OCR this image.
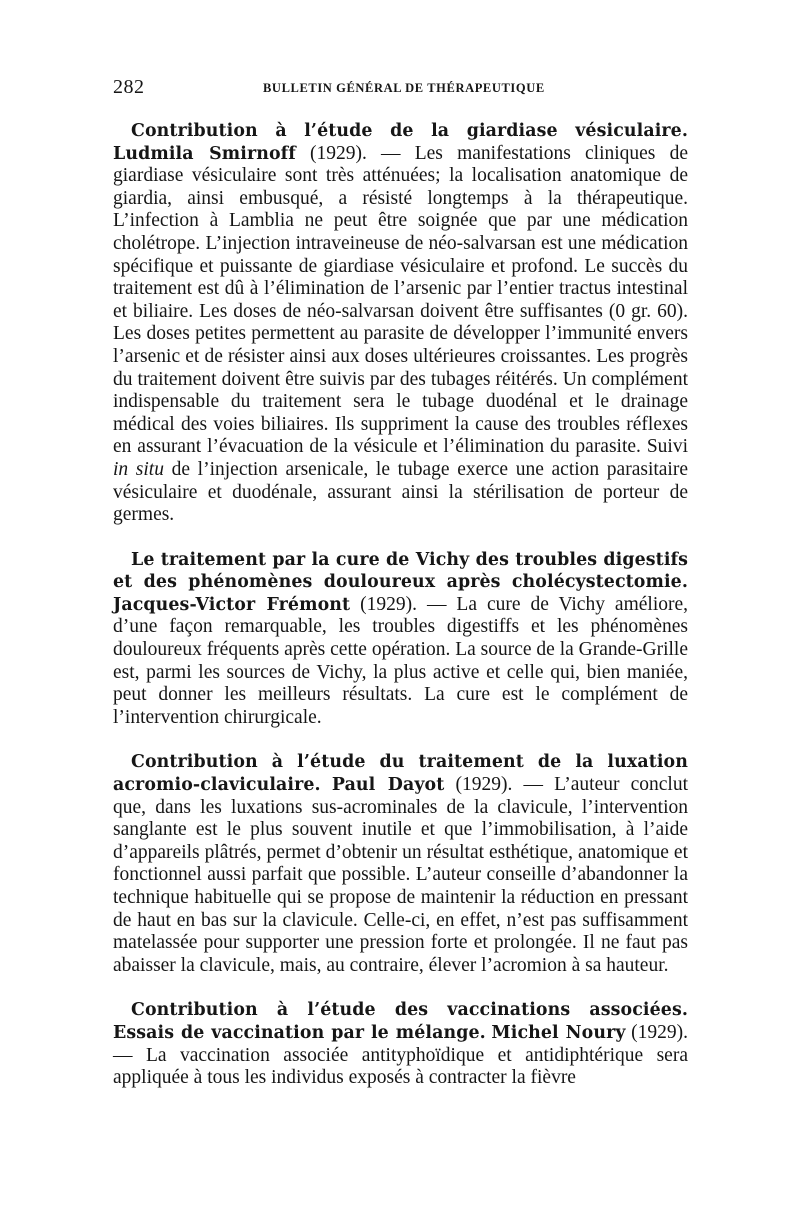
282	BULLETIN GÉNÉRAL DE THÉRAPEUTIQUE

Contribution à l’étude de la giardiase vésiculaire. Ludmila Smirnoff (1929). — Les manifestations cliniques de giardiase vésiculaire sont très atténuées; la localisation anatomique de giardia, ainsi embusqué, a résisté longtemps à la thérapeutique. L’infection à Lamblia ne peut être soignée que par une médication cholétrope. L’injection intraveineuse de néo-salvarsan est une médication spécifique et puissante de giardiase vésiculaire et profond. Le succès du traitement est dû à l’élimination de l’arsenic par l’entier tractus intestinal et biliaire. Les doses de néo-salvarsan doivent être suffisantes (0 gr. 60). Les doses petites permettent au parasite de développer l’immunité envers l’arsenic et de résister ainsi aux doses ultérieures croissantes. Les progrès du traitement doivent être suivis par des tubages réitérés. Un complément indispensable du traitement sera le tubage duodénal et le drainage médical des voies biliaires. Ils suppriment la cause des troubles réflexes en assurant l’évacuation de la vésicule et l’élimination du parasite. Suivi in situ de l’injection arsenicale, le tubage exerce une action parasitaire vésiculaire et duodénale, assurant ainsi la stérilisation de porteur de germes.

Le traitement par la cure de Vichy des troubles digestifs et des phénomènes douloureux après cholécystectomie. Jacques-Victor Frémont (1929). — La cure de Vichy améliore, d’une façon remarquable, les troubles digestiffs et les phénomènes douloureux fréquents après cette opération. La source de la Grande-Grille est, parmi les sources de Vichy, la plus active et celle qui, bien maniée, peut donner les meilleurs résultats. La cure est le complément de l’intervention chirurgicale.

Contribution à l’étude du traitement de la luxation acromio-claviculaire. Paul Dayot (1929). — L’auteur conclut que, dans les luxations sus-acrominales de la clavicule, l’intervention sanglante est le plus souvent inutile et que l’immobilisation, à l’aide d’appareils plâtrés, permet d’obtenir un résultat esthétique, anatomique et fonctionnel aussi parfait que possible. L’auteur conseille d’abandonner la technique habituelle qui se propose de maintenir la réduction en pressant de haut en bas sur la clavicule. Celle-ci, en effet, n’est pas suffisamment matelassée pour supporter une pression forte et prolongée. Il ne faut pas abaisser la clavicule, mais, au contraire, élever l’acromion à sa hauteur.

Contribution à l’étude des vaccinations associées. Essais de vaccination par le mélange. Michel Noury (1929). — La vaccination associée antityphoïdique et antidiphtérique sera appliquée à tous les individus exposés à contracter la fièvre
